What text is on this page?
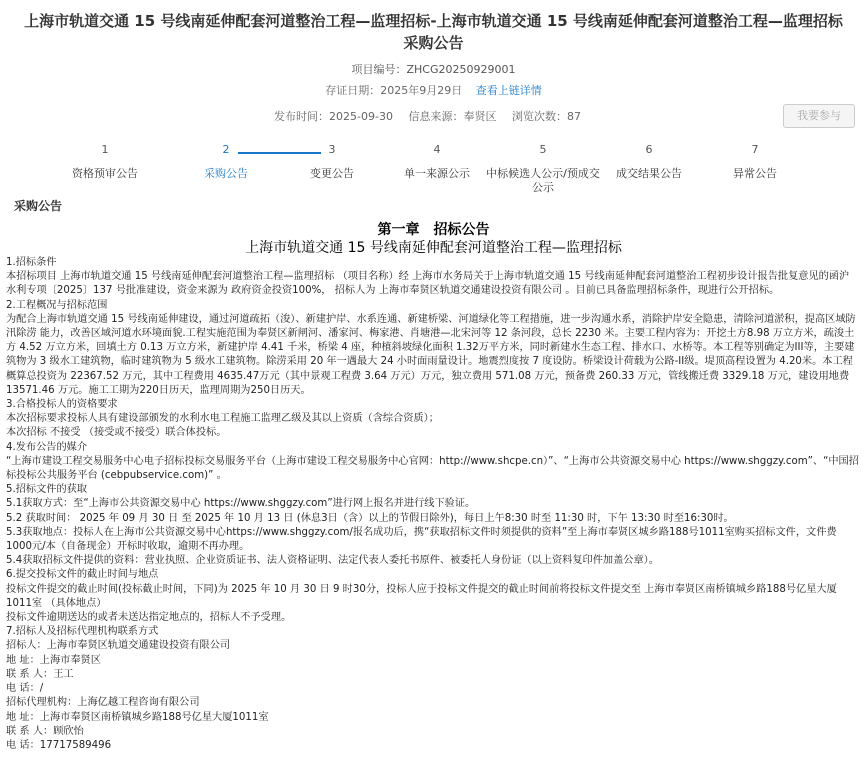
上海市轨道交通 15 号线南延伸配套河道整治工程—监理招标-上海市轨道交通 15 号线南延伸配套河道整治工程—监理招标采购公告
项目编号：ZHCG20250929001
存证日期：2025年9月29日 查看上链详情
发布时间：2025-09-30 信息来源：奉贤区 浏览次数：87	我要参与
1
资格预审公告
2
采购公告
3
变更公告
4
单一来源公示
5
中标候选人公示/预成交公示
6
成交结果公告
7
异常公告
采购公告
第一章　招标公告
上海市轨道交通 15 号线南延伸配套河道整治工程—监理招标

1.招标条件

本招标项目 上海市轨道交通 15 号线南延伸配套河道整治工程—监理招标 （项目名称）经 上海市水务局关于上海市轨道交通 15 号线南延伸配套河道整治工程初步设计报告批复意见的函沪水利专项〔2025〕137 号批准建设，资金来源为 政府资金投资100%， 招标人为 上海市奉贤区轨道交通建设投资有限公司 。目前已具备监理招标条件，现进行公开招标。

2.工程概况与招标范围

为配合上海市轨道交通 15 号线南延伸建设，通过河道疏拓（浚）、新建护岸、水系连通、新建桥梁、河道绿化等工程措施，进一步沟通水系，消除护岸安全隐患，清除河道淤积，提高区域防汛除涝 能力，改善区域河道水环境面貌.工程实施范围为奉贤区新闸河、潘家河、梅家港、肖塘港—北宋河等 12 条河段，总长 2230 米。主要工程内容为：开挖土方8.98 万立方米，疏浚土方 4.52 万立方米，回填土方 0.13 万立方米，新建护岸 4.41 千米，桥梁 4 座，种植斜坡绿化面积 1.32万平方米，同时新建水生态工程、排水口、水桥等。本工程等别确定为III等，主要建筑物为 3 级水工建筑物，临时建筑物为 5 级水工建筑物。除涝采用 20 年一遇最大 24 小时面雨量设计。地震烈度按 7 度设防。桥梁设计荷载为公路-II级。堤顶高程设置为 4.20米。本工程概算总投资为 22367.52 万元，其中工程费用 4635.47万元（其中景观工程费 3.64 万元）万元，独立费用 571.08 万元，预备费 260.33 万元，管线搬迁费 3329.18 万元，建设用地费13571.46 万元。施工工期为220日历天，监理周期为250日历天。

3.合格投标人的资格要求

本次招标要求投标人具有建设部颁发的水利水电工程施工监理乙级及其以上资质（含综合资质）；

本次招标 不接受 （接受或不接受）联合体投标。

4.发布公告的媒介

“上海市建设工程交易服务中心电子招标投标交易服务平台（上海市建设工程交易服务中心官网：http://www.shcpe.cn）”、“上海市公共资源交易中心 https://www.shggzy.com”、“中国招标投标公共服务平台 (cebpubservice.com)” 。

5.招标文件的获取

5.1获取方式：至“上海市公共资源交易中心 https://www.shggzy.com”进行网上报名并进行线下验证。

5.2 获取时间： 2025 年 09 月 30 日 至 2025 年 10 月 13 日 (休息3日（含）以上的节假日除外)，每日上午8:30 时至 11:30 时，下午 13:30 时至16:30时。

5.3获取地点：投标人在上海市公共资源交易中心https://www.shggzy.com/报名成功后，携“获取招标文件时须提供的资料”至上海市奉贤区城乡路188号1011室购买招标文件，文件费 1000元/本（自备现金）开标时收取，逾期不再办理。

5.4获取招标文件提供的资料：营业执照、企业资质证书、法人资格证明、法定代表人委托书原件、被委托人身份证（以上资料复印件加盖公章）。

6.提交投标文件的截止时间与地点

投标文件提交的截止时间(投标截止时间，下同)为 2025 年 10 月 30 日 9 时30分，投标人应于投标文件提交的截止时间前将投标文件提交至 上海市奉贤区南桥镇城乡路188号亿星大厦1011室 （具体地点）

投标文件逾期送达的或者未送达指定地点的，招标人不予受理。

7.招标人及招标代理机构联系方式

招标人：上海市奉贤区轨道交通建设投资有限公司

地 址：上海市奉贤区

联 系 人：王工

电 话：/

招标代理机构：上海亿越工程咨询有限公司

地 址：上海市奉贤区南桥镇城乡路188号亿星大厦1011室

联 系 人：顾欣怡

电 话：17717589496
